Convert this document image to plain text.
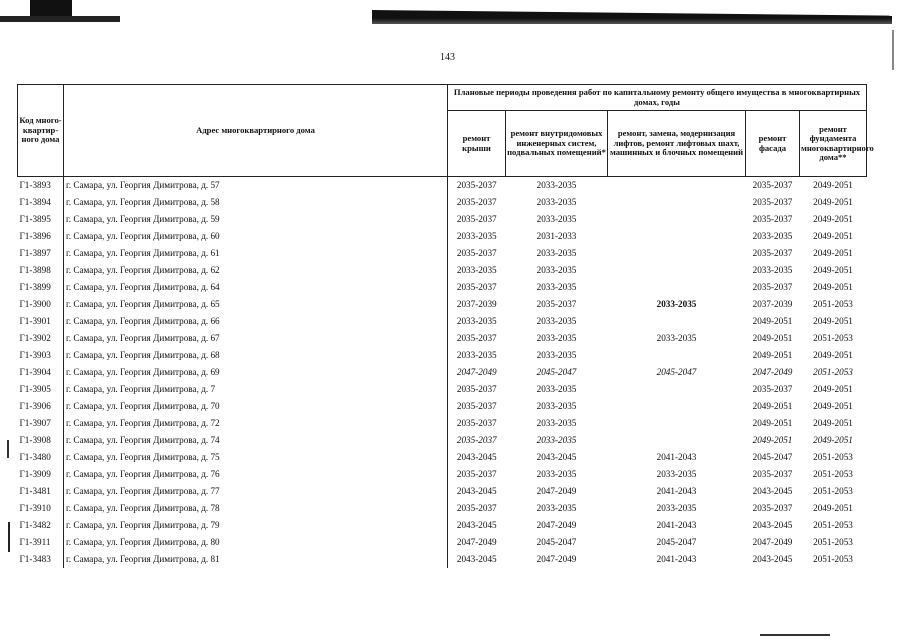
143
Код много-квартир-ного дома	Адрес многоквартирного дома	Плановые периоды проведения работ по капитальному ремонту общего имущества в многоквартирных домах, годы				
		ремонт крыши	ремонт внутридомовых инженерных систем, подвальных помещений*	ремонт, замена, модернизация лифтов, ремонт лифтовых шахт, машинных и блочных помещений	ремонт фасада	ремонт фундамента многоквартирного дома**
Г1-3893	г. Самара, ул. Георгия Димитрова, д. 57	2035-2037	2033-2035		2035-2037	2049-2051
Г1-3894	г. Самара, ул. Георгия Димитрова, д. 58	2035-2037	2033-2035		2035-2037	2049-2051
Г1-3895	г. Самара, ул. Георгия Димитрова, д. 59	2035-2037	2033-2035		2035-2037	2049-2051
Г1-3896	г. Самара, ул. Георгия Димитрова, д. 60	2033-2035	2031-2033		2033-2035	2049-2051
Г1-3897	г. Самара, ул. Георгия Димитрова, д. 61	2035-2037	2033-2035		2035-2037	2049-2051
Г1-3898	г. Самара, ул. Георгия Димитрова, д. 62	2033-2035	2033-2035		2033-2035	2049-2051
Г1-3899	г. Самара, ул. Георгия Димитрова, д. 64	2035-2037	2033-2035		2035-2037	2049-2051
Г1-3900	г. Самара, ул. Георгия Димитрова, д. 65	2037-2039	2035-2037	2033-2035	2037-2039	2051-2053
Г1-3901	г. Самара, ул. Георгия Димитрова, д. 66	2033-2035	2033-2035		2049-2051	2049-2051
Г1-3902	г. Самара, ул. Георгия Димитрова, д. 67	2035-2037	2033-2035	2033-2035	2049-2051	2051-2053
Г1-3903	г. Самара, ул. Георгия Димитрова, д. 68	2033-2035	2033-2035		2049-2051	2049-2051
Г1-3904	г. Самара, ул. Георгия Димитрова, д. 69	2047-2049	2045-2047	2045-2047	2047-2049	2051-2053
Г1-3905	г. Самара, ул. Георгия Димитрова, д. 7	2035-2037	2033-2035		2035-2037	2049-2051
Г1-3906	г. Самара, ул. Георгия Димитрова, д. 70	2035-2037	2033-2035		2049-2051	2049-2051
Г1-3907	г. Самара, ул. Георгия Димитрова, д. 72	2035-2037	2033-2035		2049-2051	2049-2051
Г1-3908	г. Самара, ул. Георгия Димитрова, д. 74	2035-2037	2033-2035		2049-2051	2049-2051
Г1-3480	г. Самара, ул. Георгия Димитрова, д. 75	2043-2045	2043-2045	2041-2043	2045-2047	2051-2053
Г1-3909	г. Самара, ул. Георгия Димитрова, д. 76	2035-2037	2033-2035	2033-2035	2035-2037	2051-2053
Г1-3481	г. Самара, ул. Георгия Димитрова, д. 77	2043-2045	2047-2049	2041-2043	2043-2045	2051-2053
Г1-3910	г. Самара, ул. Георгия Димитрова, д. 78	2035-2037	2033-2035	2033-2035	2035-2037	2049-2051
Г1-3482	г. Самара, ул. Георгия Димитрова, д. 79	2043-2045	2047-2049	2041-2043	2043-2045	2051-2053
Г1-3911	г. Самара, ул. Георгия Димитрова, д. 80	2047-2049	2045-2047	2045-2047	2047-2049	2051-2053
Г1-3483	г. Самара, ул. Георгия Димитрова, д. 81	2043-2045	2047-2049	2041-2043	2043-2045	2051-2053
